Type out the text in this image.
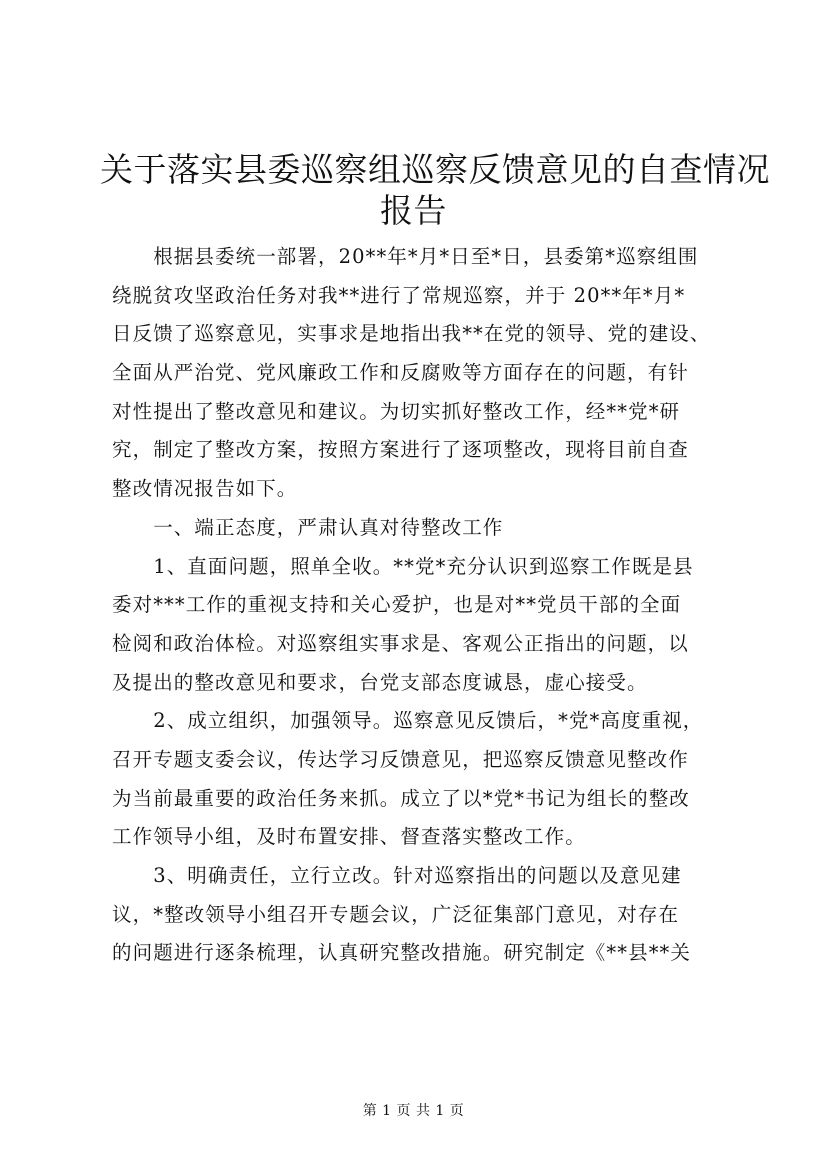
关于落实县委巡察组巡察反馈意见的自查情况
报告
　　根据县委统一部署，20**年*月*日至*日，县委第*巡察组围
绕脱贫攻坚政治任务对我**进行了常规巡察，并于 20**年*月*
日反馈了巡察意见，实事求是地指出我**在党的领导、党的建设、
全面从严治党、党风廉政工作和反腐败等方面存在的问题，有针
对性提出了整改意见和建议。为切实抓好整改工作，经**党*研
究，制定了整改方案，按照方案进行了逐项整改，现将目前自查
整改情况报告如下。
　　一、端正态度，严肃认真对待整改工作
　　1、直面问题，照单全收。**党*充分认识到巡察工作既是县
委对***工作的重视支持和关心爱护，也是对**党员干部的全面
检阅和政治体检。对巡察组实事求是、客观公正指出的问题，以
及提出的整改意见和要求，台党支部态度诚恳，虚心接受。
　　2、成立组织，加强领导。巡察意见反馈后，*党*高度重视，
召开专题支委会议，传达学习反馈意见，把巡察反馈意见整改作
为当前最重要的政治任务来抓。成立了以*党*书记为组长的整改
工作领导小组，及时布置安排、督查落实整改工作。
　　3、明确责任，立行立改。针对巡察指出的问题以及意见建
议，*整改领导小组召开专题会议，广泛征集部门意见，对存在
的问题进行逐条梳理，认真研究整改措施。研究制定《**县**关
第 1 页 共 1 页
